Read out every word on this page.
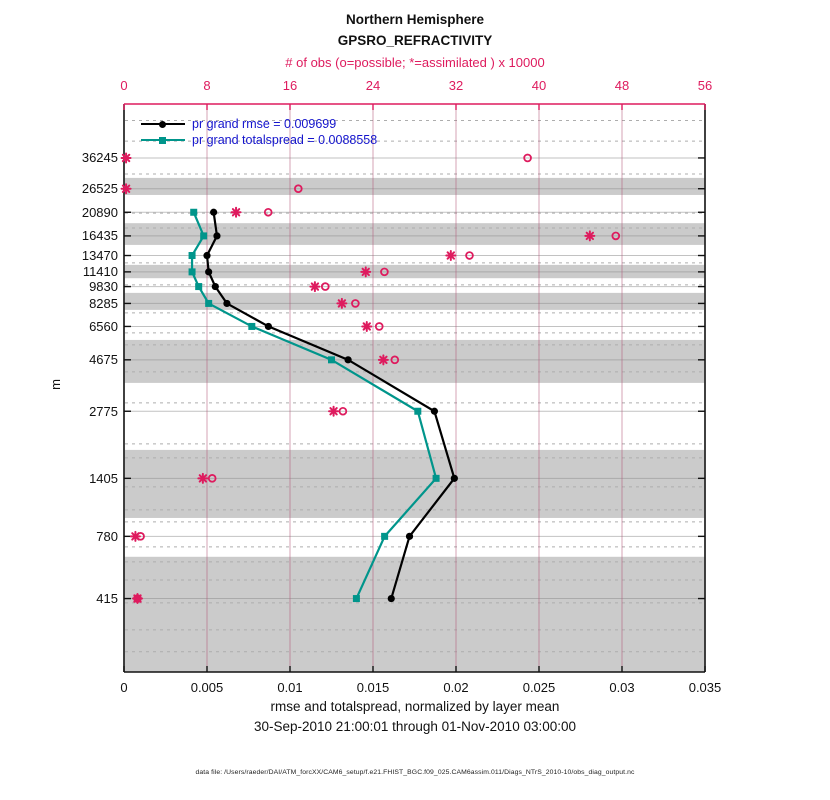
Northern Hemisphere
GPSRO_REFRACTIVITY
# of obs (o=possible; *=assimilated ) x 10000
m
pr grand rmse = 0.009699
pr grand totalspread = 0.0088558
rmse and totalspread, normalized by layer mean
30-Sep-2010 21:00:01 through 01-Nov-2010 03:00:00
data file: /Users/raeder/DAI/ATM_forcXX/CAM6_setup/f.e21.FHIST_BGC.f09_025.CAM6assim.011/Diags_NTrS_2010-10/obs_diag_output.nc
0	8	16	24	32	40	48	56
0	0.005	0.01	0.015	0.02	0.025	0.03	0.035
36245
26525
20890
16435
13470
11410
9830
8285
6560
4675
2775
1405
780
415
